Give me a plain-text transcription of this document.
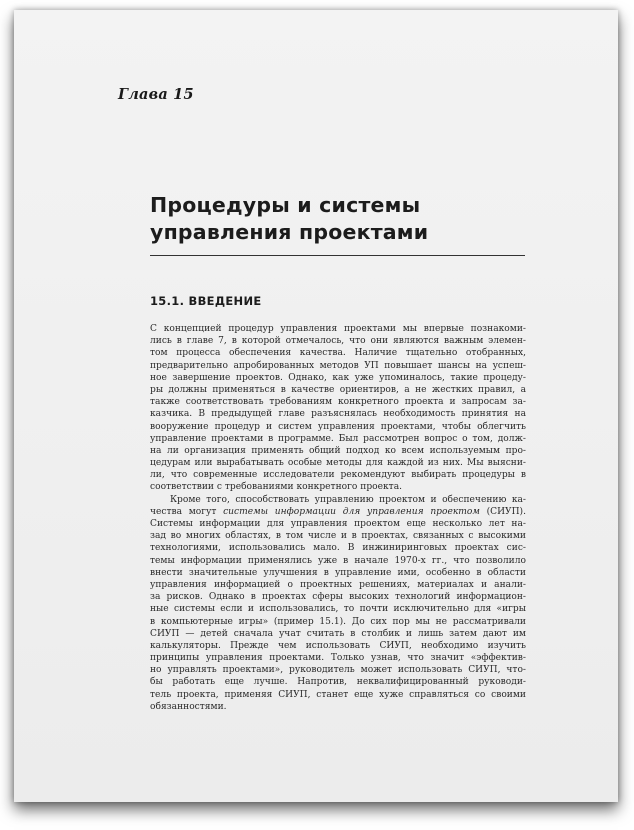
Глава 15
Процедуры и системы
управления проектами
15.1. ВВЕДЕНИЕ
С концепцией процедур управления проектами мы впервые познакоми-
лись в главе 7, в которой отмечалось, что они являются важным элемен-
том процесса обеспечения качества. Наличие тщательно отобранных,
предварительно апробированных методов УП повышает шансы на успеш-
ное завершение проектов. Однако, как уже упоминалось, такие процеду-
ры должны применяться в качестве ориентиров, а не жестких правил, а
также соответствовать требованиям конкретного проекта и запросам за-
казчика. В предыдущей главе разъяснялась необходимость принятия на
вооружение процедур и систем управления проектами, чтобы облегчить
управление проектами в программе. Был рассмотрен вопрос о том, долж-
на ли организация применять общий подход ко всем используемым про-
цедурам или вырабатывать особые методы для каждой из них. Мы выясни-
ли, что современные исследователи рекомендуют выбирать процедуры в
соответствии с требованиями конкретного проекта.
Кроме того, способствовать управлению проектом и обеспечению ка-
чества могут системы информации для управления проектом (СИУП).
Системы информации для управления проектом еще несколько лет на-
зад во многих областях, в том числе и в проектах, связанных с высокими
технологиями, использовались мало. В инжиниринговых проектах сис-
темы информации применялись уже в начале 1970-х гг., что позволило
внести значительные улучшения в управление ими, особенно в области
управления информацией о проектных решениях, материалах и анали-
за рисков. Однако в проектах сферы высоких технологий информацион-
ные системы если и использовались, то почти исключительно для «игры
в компьютерные игры» (пример 15.1). До сих пор мы не рассматривали
СИУП — детей сначала учат считать в столбик и лишь затем дают им
калькуляторы. Прежде чем использовать СИУП, необходимо изучить
принципы управления проектами. Только узнав, что значит «эффектив-
но управлять проектами», руководитель может использовать СИУП, что-
бы работать еще лучше. Напротив, неквалифицированный руководи-
тель проекта, применяя СИУП, станет еще хуже справляться со своими
обязанностями.
